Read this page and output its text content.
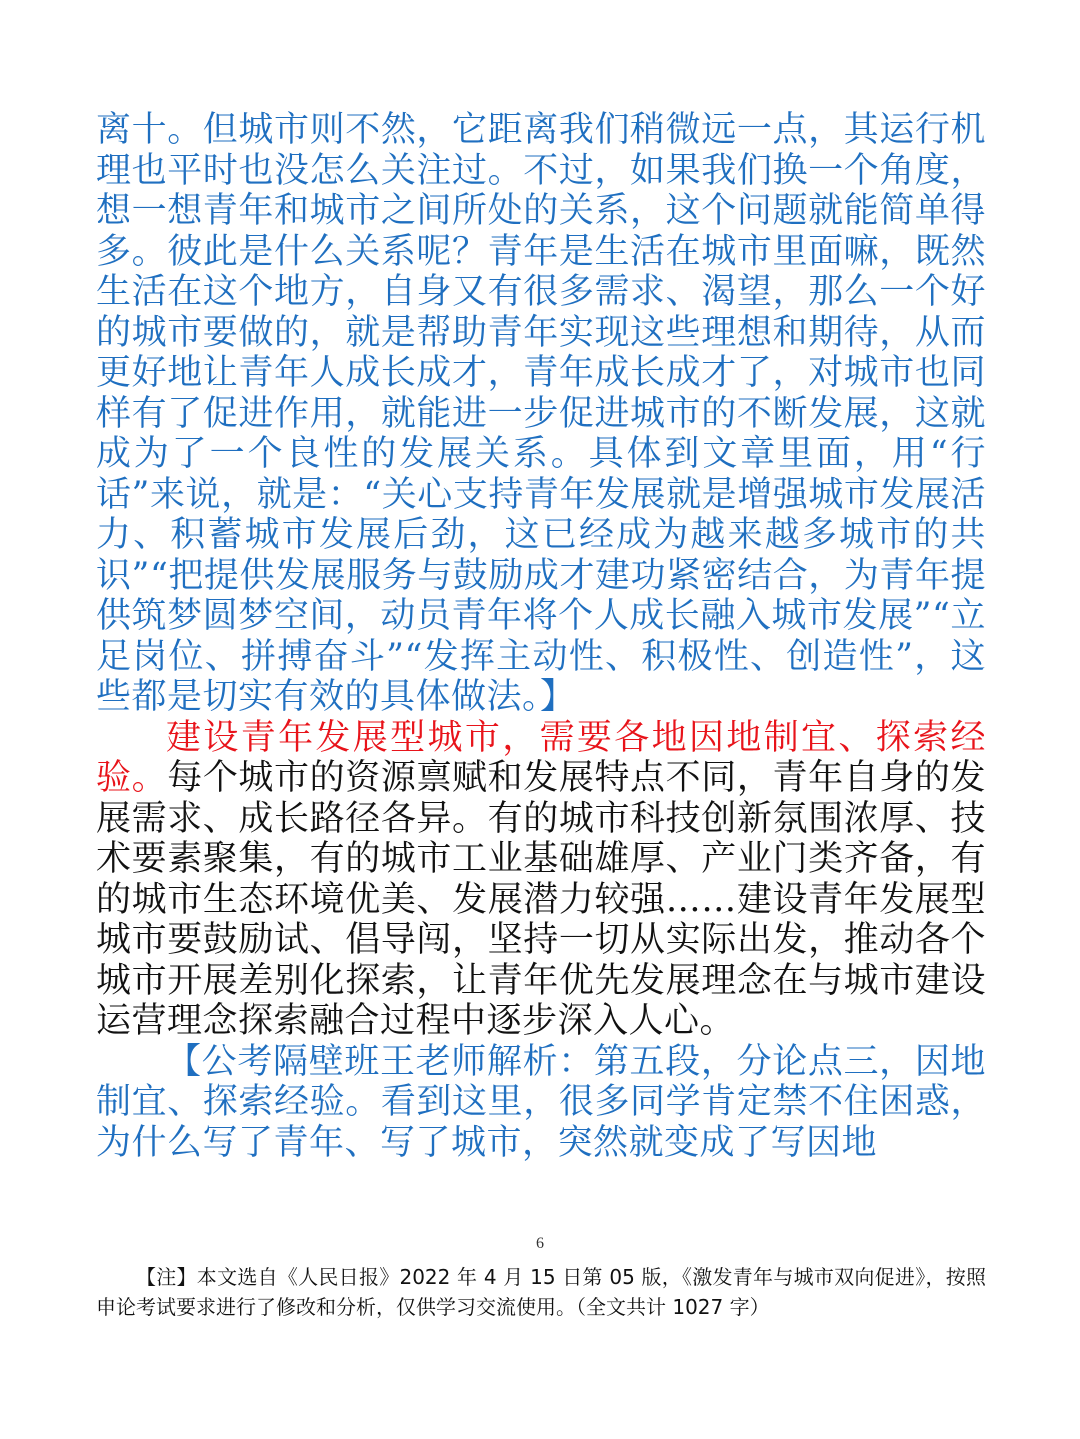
离十。但城市则不然，它距离我们稍微远一点，其运行机理也平时也没怎么关注过。不过，如果我们换一个角度，想一想青年和城市之间所处的关系，这个问题就能简单得多。彼此是什么关系呢？青年是生活在城市里面嘛，既然生活在这个地方，自身又有很多需求、渴望，那么一个好的城市要做的，就是帮助青年实现这些理想和期待，从而更好地让青年人成长成才，青年成长成才了，对城市也同样有了促进作用，就能进一步促进城市的不断发展，这就成为了一个良性的发展关系。具体到文章里面，用“行话”来说，就是：“关心支持青年发展就是增强城市发展活力、积蓄城市发展后劲，这已经成为越来越多城市的共识”“把提供发展服务与鼓励成才建功紧密结合，为青年提供筑梦圆梦空间，动员青年将个人成长融入城市发展”“立足岗位、拼搏奋斗”“发挥主动性、积极性、创造性”，这些都是切实有效的具体做法。】

建设青年发展型城市，需要各地因地制宜、探索经验。每个城市的资源禀赋和发展特点不同，青年自身的发展需求、成长路径各异。有的城市科技创新氛围浓厚、技术要素聚集，有的城市工业基础雄厚、产业门类齐备，有的城市生态环境优美、发展潜力较强……建设青年发展型城市要鼓励试、倡导闯，坚持一切从实际出发，推动各个城市开展差别化探索，让青年优先发展理念在与城市建设运营理念探索融合过程中逐步深入人心。

【公考隔壁班王老师解析：第五段，分论点三，因地制宜、探索经验。看到这里，很多同学肯定禁不住困惑，为什么写了青年、写了城市，突然就变成了写因地

6

【注】本文选自《人民日报》2022 年 4 月 15 日第 05 版，《激发青年与城市双向促进》，按照申论考试要求进行了修改和分析，仅供学习交流使用。（全文共计 1027 字）
